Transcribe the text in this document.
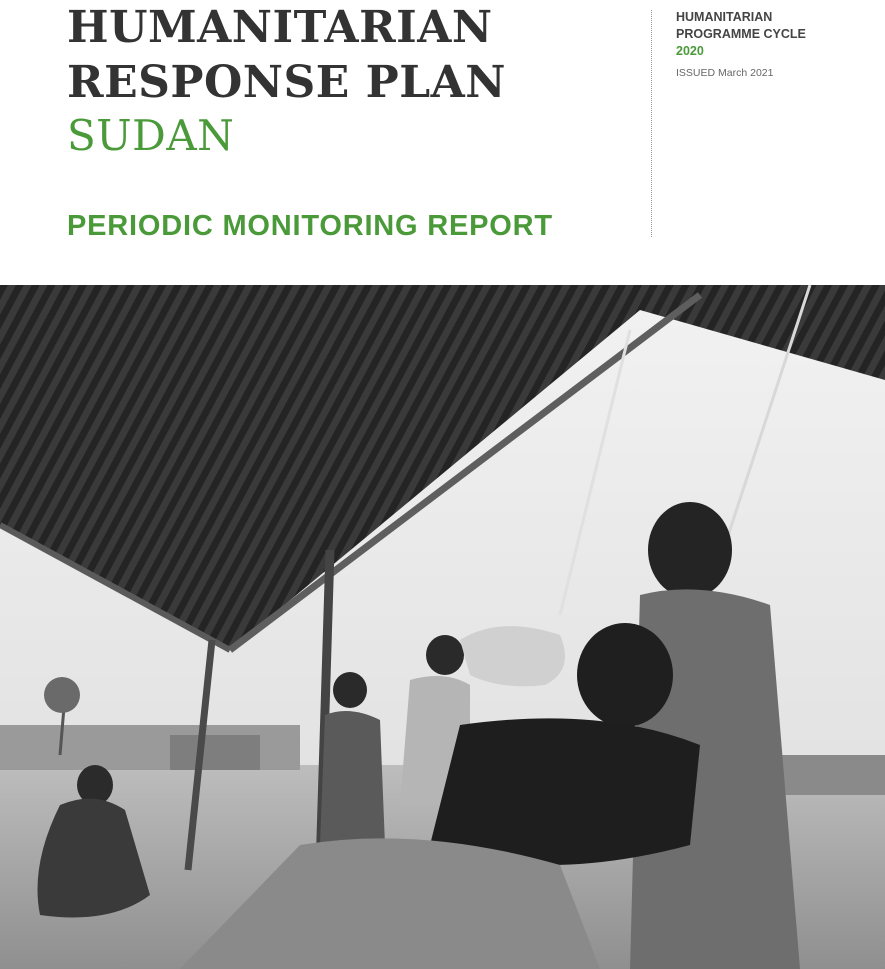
HUMANITARIAN
RESPONSE PLAN
SUDAN
PERIODIC MONITORING REPORT
HUMANITARIAN
PROGRAMME CYCLE
2020
ISSUED March 2021
